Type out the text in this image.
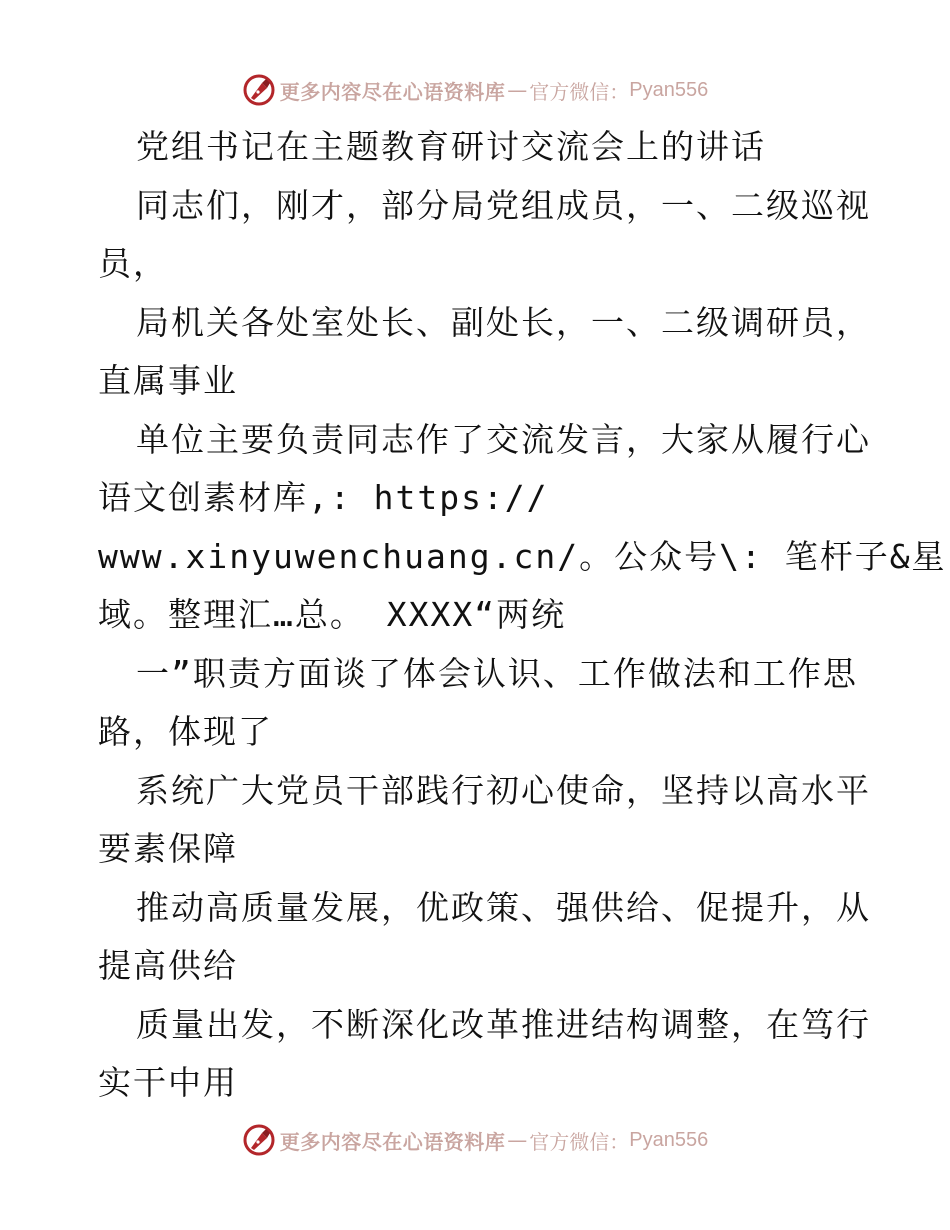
更多内容尽在心语资料库 — 官方微信： Pyan556
党组书记在主题教育研讨交流会上的讲话
同志们，刚才，部分局党组成员，一、二级巡视
员，
局机关各处室处长、副处长，一、二级调研员，
直属事业
单位主要负责同志作了交流发言，大家从履行心
语文创素材库,: https://
www.xinyuwenchuang.cn/。公众号\: 笔杆子&星
域。整理汇…总。 XXXX“两统
一”职责方面谈了体会认识、工作做法和工作思
路，体现了
系统广大党员干部践行初心使命，坚持以高水平
要素保障
推动高质量发展，优政策、强供给、促提升，从
提高供给
质量出发，不断深化改革推进结构调整，在笃行
实干中用
更多内容尽在心语资料库 — 官方微信： Pyan556
